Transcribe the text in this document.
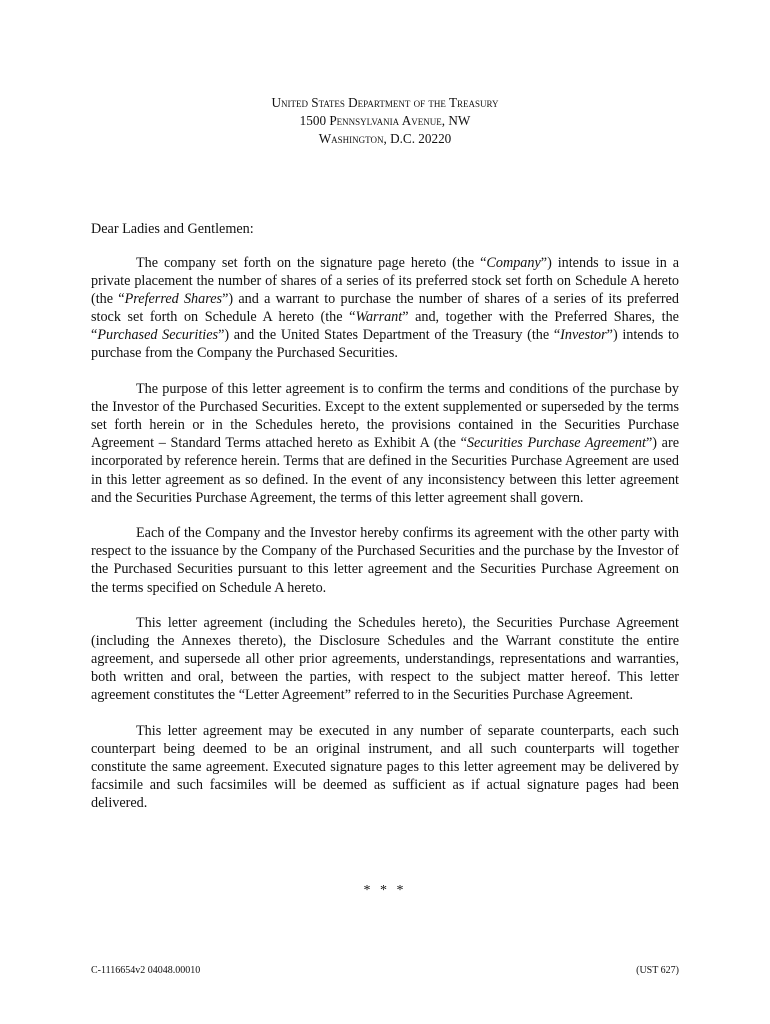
United States Department of the Treasury
1500 Pennsylvania Avenue, NW
Washington, D.C. 20220
Dear Ladies and Gentlemen:

The company set forth on the signature page hereto (the “Company”) intends to issue in a private placement the number of shares of a series of its preferred stock set forth on Schedule A hereto (the “Preferred Shares”) and a warrant to purchase the number of shares of a series of its preferred stock set forth on Schedule A hereto (the “Warrant” and, together with the Preferred Shares, the “Purchased Securities”) and the United States Department of the Treasury (the “Investor”) intends to purchase from the Company the Purchased Securities.

The purpose of this letter agreement is to confirm the terms and conditions of the purchase by the Investor of the Purchased Securities. Except to the extent supplemented or superseded by the terms set forth herein or in the Schedules hereto, the provisions contained in the Securities Purchase Agreement – Standard Terms attached hereto as Exhibit A (the “Securities Purchase Agreement”) are incorporated by reference herein. Terms that are defined in the Securities Purchase Agreement are used in this letter agreement as so defined. In the event of any inconsistency between this letter agreement and the Securities Purchase Agreement, the terms of this letter agreement shall govern.

Each of the Company and the Investor hereby confirms its agreement with the other party with respect to the issuance by the Company of the Purchased Securities and the purchase by the Investor of the Purchased Securities pursuant to this letter agreement and the Securities Purchase Agreement on the terms specified on Schedule A hereto.

This letter agreement (including the Schedules hereto), the Securities Purchase Agreement (including the Annexes thereto), the Disclosure Schedules and the Warrant constitute the entire agreement, and supersede all other prior agreements, understandings, representations and warranties, both written and oral, between the parties, with respect to the subject matter hereof. This letter agreement constitutes the “Letter Agreement” referred to in the Securities Purchase Agreement.

This letter agreement may be executed in any number of separate counterparts, each such counterpart being deemed to be an original instrument, and all such counterparts will together constitute the same agreement. Executed signature pages to this letter agreement may be delivered by facsimile and such facsimiles will be deemed as sufficient as if actual signature pages had been delivered.

* * *
C-1116654v2 04048.00010	(UST 627)
